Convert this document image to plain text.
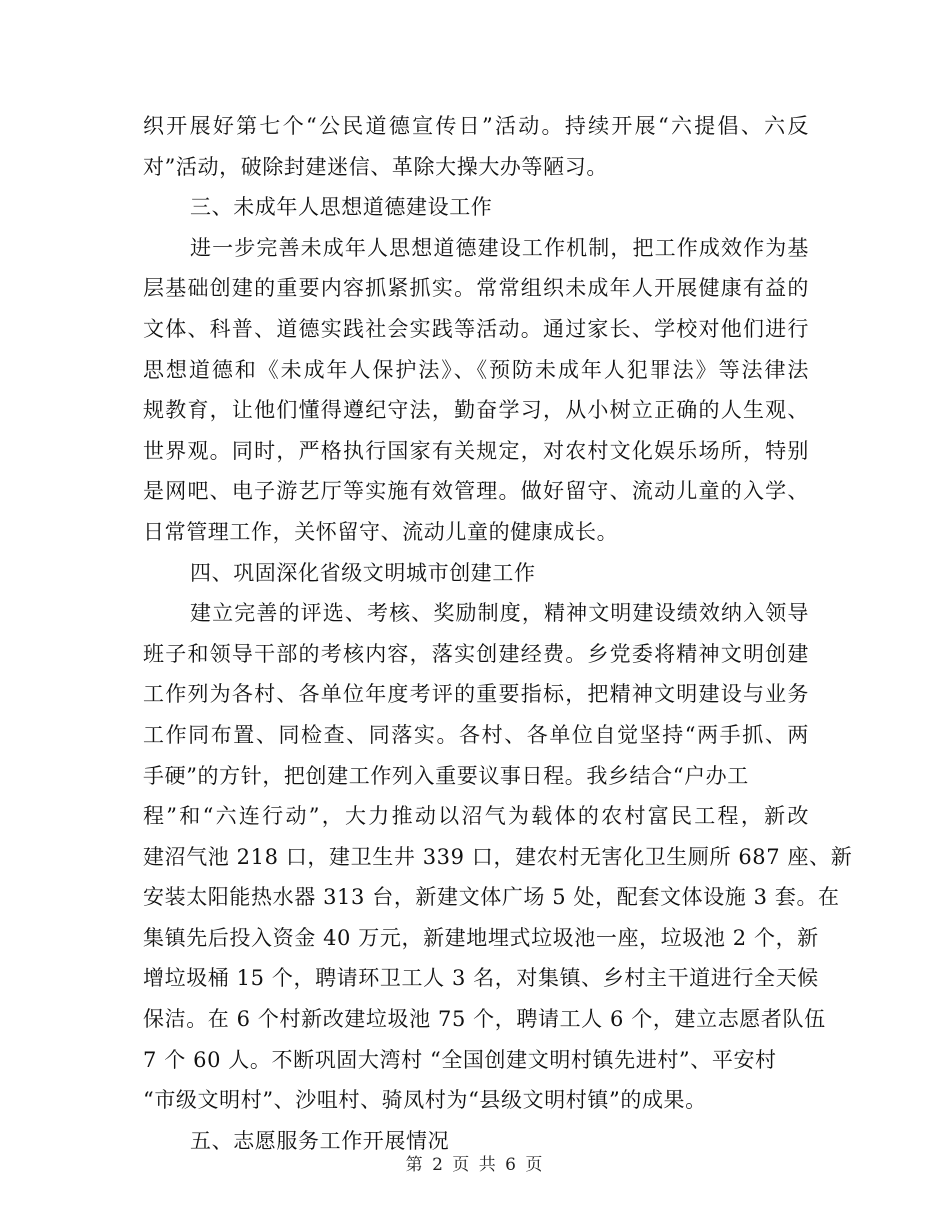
织开展好第七个“公民道德宣传日”活动。持续开展“六提倡、六反
对”活动，破除封建迷信、革除大操大办等陋习。
三、未成年人思想道德建设工作
进一步完善未成年人思想道德建设工作机制，把工作成效作为基
层基础创建的重要内容抓紧抓实。常常组织未成年人开展健康有益的
文体、科普、道德实践社会实践等活动。通过家长、学校对他们进行
思想道德和《未成年人保护法》、《预防未成年人犯罪法》等法律法
规教育，让他们懂得遵纪守法，勤奋学习，从小树立正确的人生观、
世界观。同时，严格执行国家有关规定，对农村文化娱乐场所，特别
是网吧、电子游艺厅等实施有效管理。做好留守、流动儿童的入学、
日常管理工作，关怀留守、流动儿童的健康成长。
四、巩固深化省级文明城市创建工作
建立完善的评选、考核、奖励制度，精神文明建设绩效纳入领导
班子和领导干部的考核内容，落实创建经费。乡党委将精神文明创建
工作列为各村、各单位年度考评的重要指标，把精神文明建设与业务
工作同布置、同检查、同落实。各村、各单位自觉坚持“两手抓、两
手硬”的方针，把创建工作列入重要议事日程。我乡结合“户办工
程”和“六连行动”，大力推动以沼气为载体的农村富民工程，新改
建沼气池 218 口，建卫生井 339 口，建农村无害化卫生厕所 687 座、新
安装太阳能热水器 313 台，新建文体广场 5 处，配套文体设施 3 套。在
集镇先后投入资金 40 万元，新建地埋式垃圾池一座，垃圾池 2 个，新
增垃圾桶 15 个，聘请环卫工人 3 名，对集镇、乡村主干道进行全天候
保洁。在 6 个村新改建垃圾池 75 个，聘请工人 6 个，建立志愿者队伍
7 个 60 人。不断巩固大湾村 “全国创建文明村镇先进村”、平安村
“市级文明村”、沙咀村、骑凤村为“县级文明村镇”的成果。
五、志愿服务工作开展情况
第 2 页 共 6 页
